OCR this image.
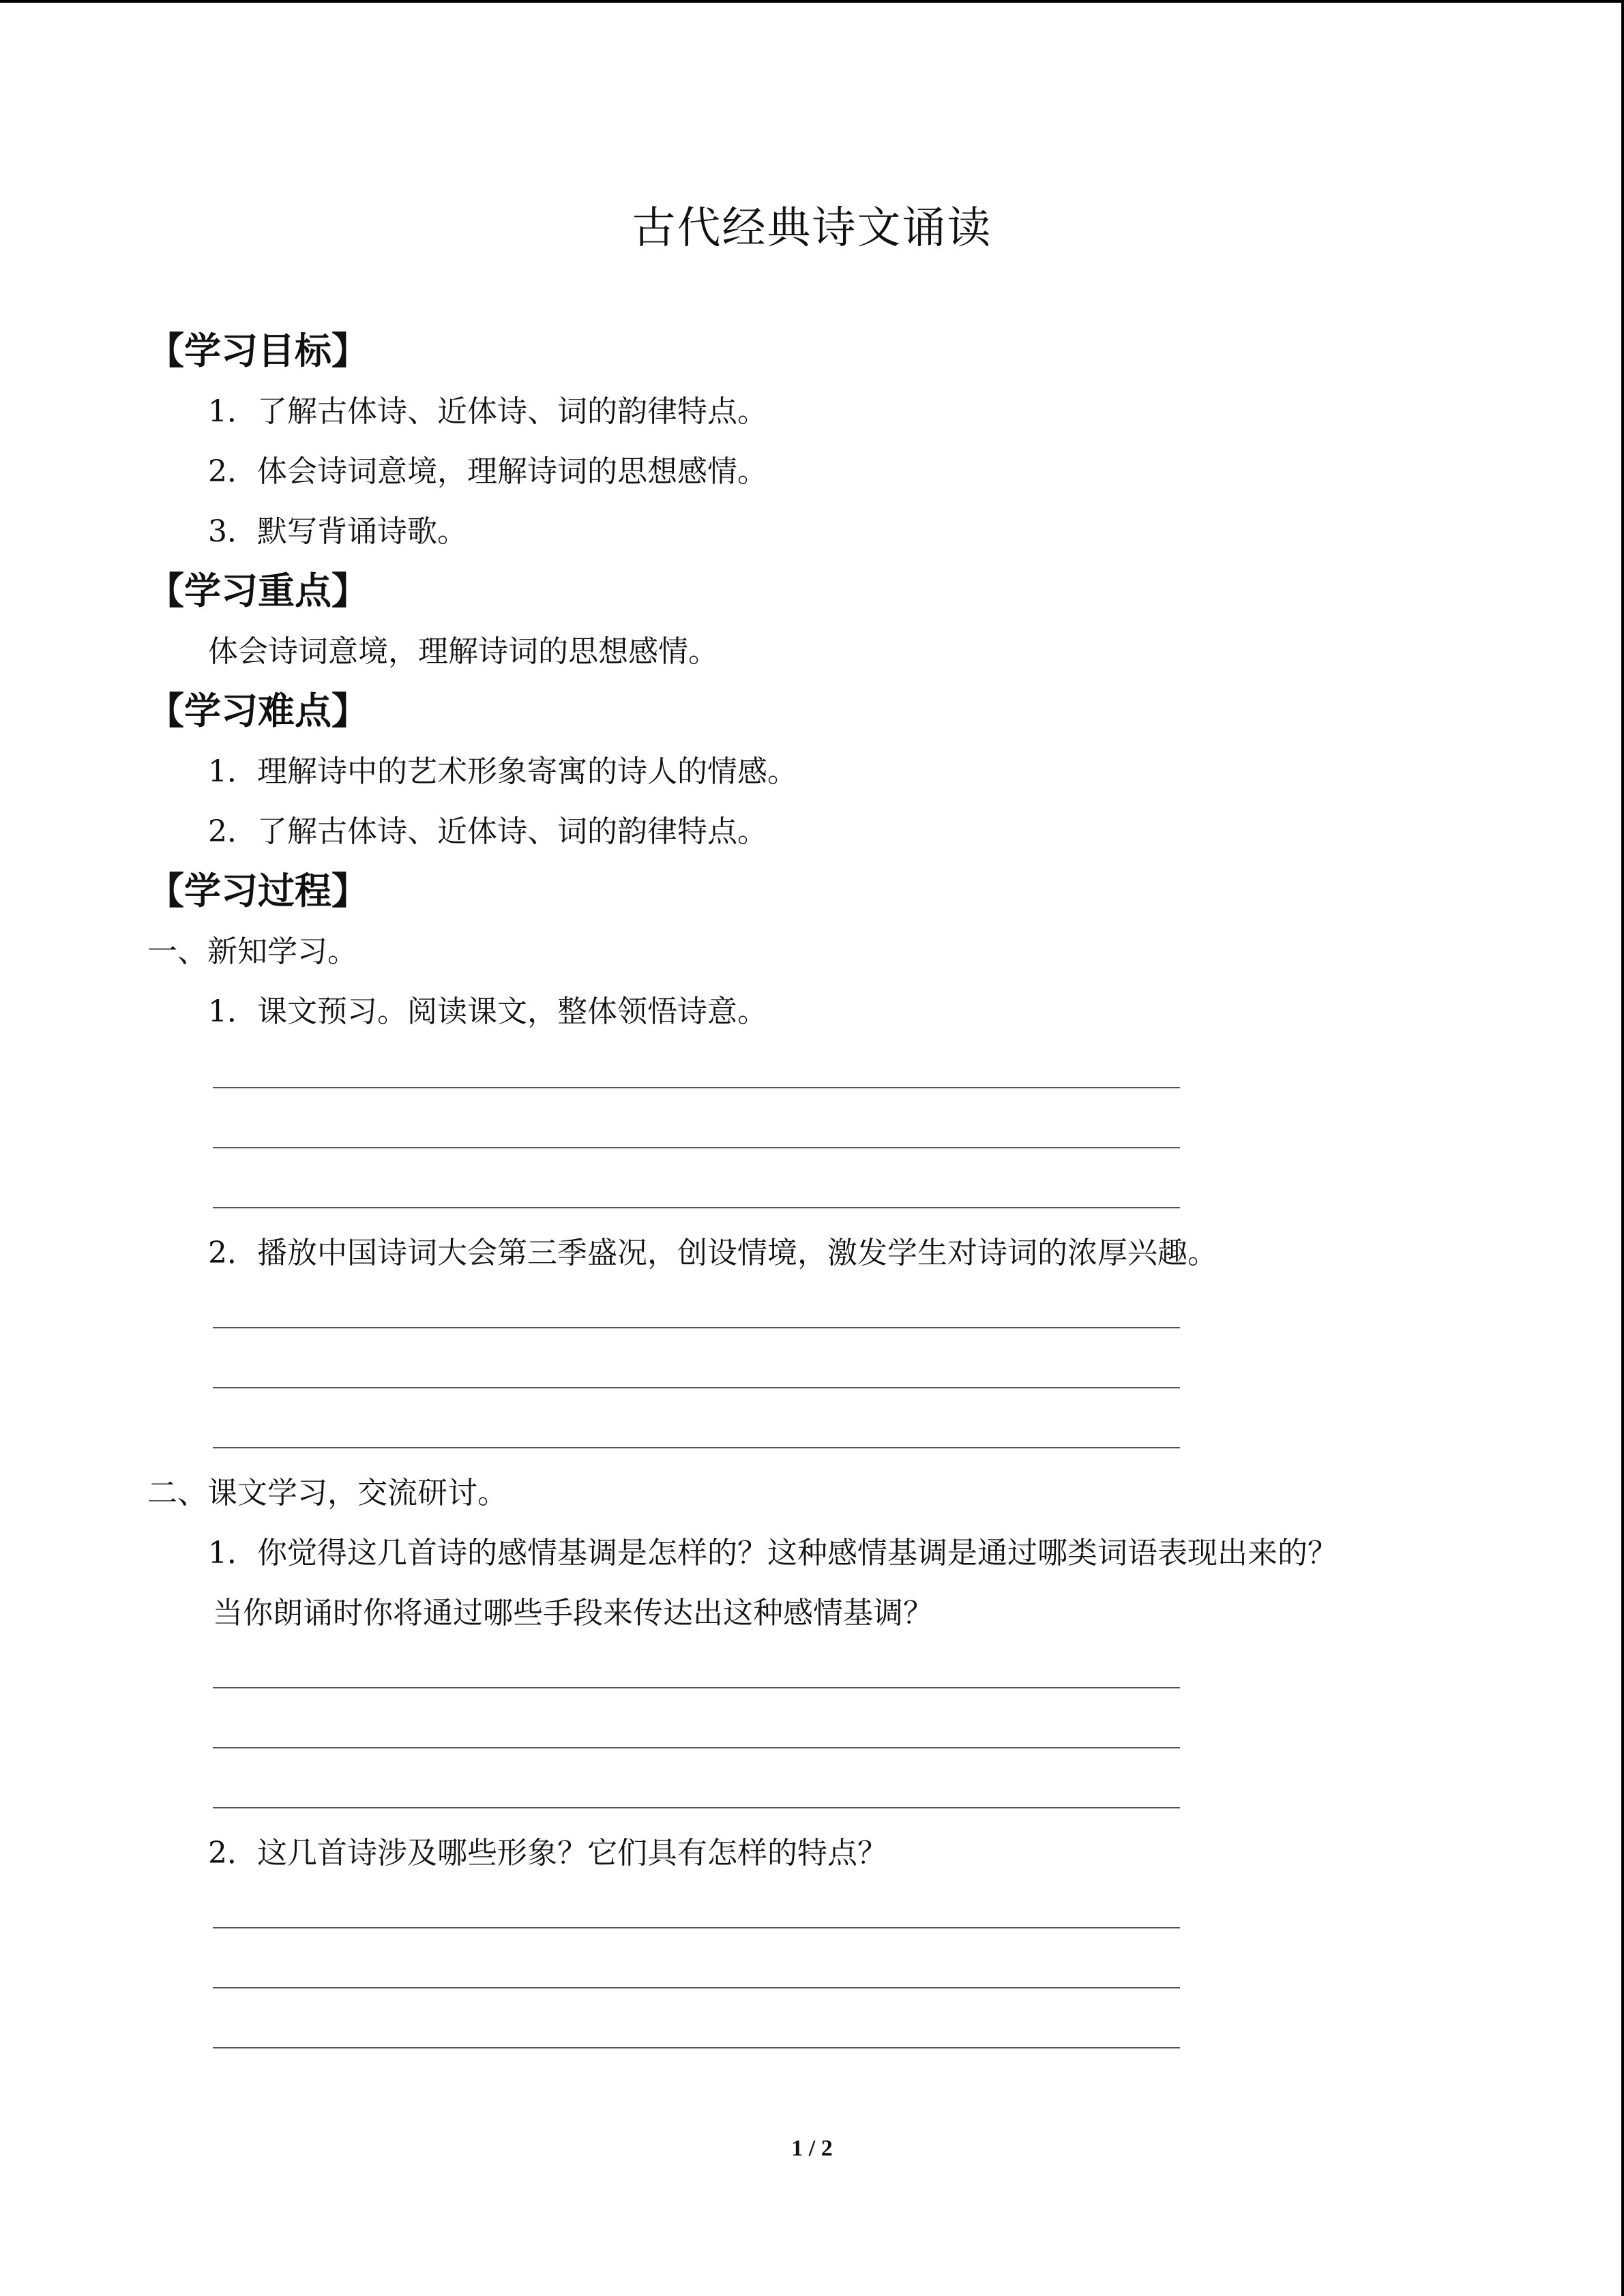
古代经典诗文诵读
【学习目标】
1．了解古体诗、近体诗、词的韵律特点。
2．体会诗词意境，理解诗词的思想感情。
3．默写背诵诗歌。
【学习重点】
体会诗词意境，理解诗词的思想感情。
【学习难点】
1．理解诗中的艺术形象寄寓的诗人的情感。
2．了解古体诗、近体诗、词的韵律特点。
【学习过程】
一、新知学习。
1．课文预习。阅读课文，整体领悟诗意。
2．播放中国诗词大会第三季盛况，创设情境，激发学生对诗词的浓厚兴趣。
二、课文学习，交流研讨。
1．你觉得这几首诗的感情基调是怎样的？这种感情基调是通过哪类词语表现出来的？
当你朗诵时你将通过哪些手段来传达出这种感情基调？
2．这几首诗涉及哪些形象？它们具有怎样的特点？
1 / 2
